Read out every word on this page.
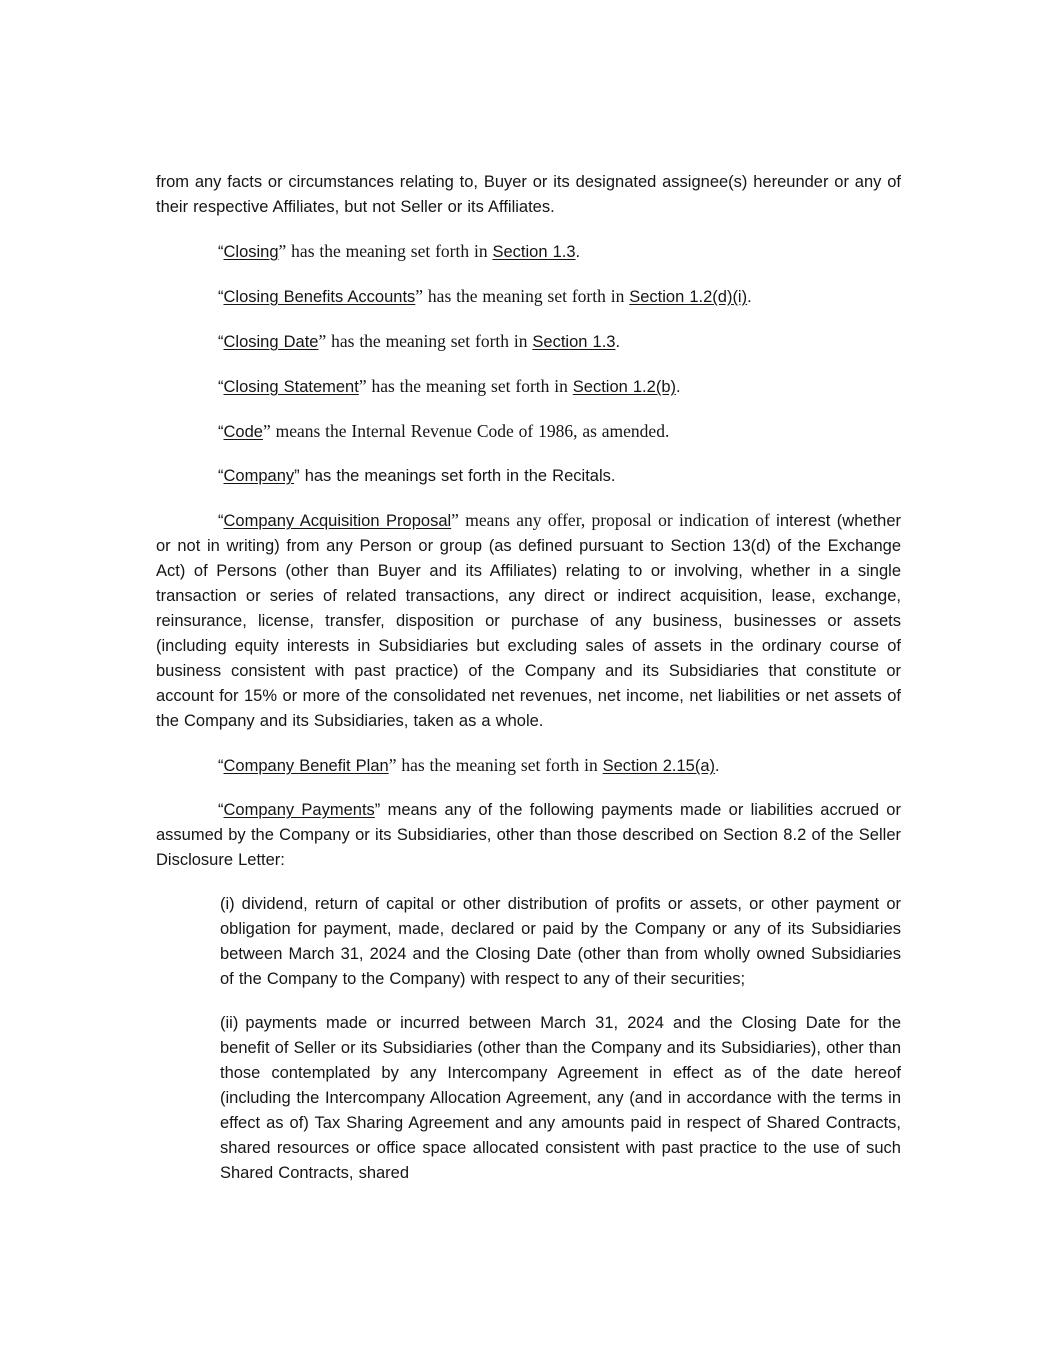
from any facts or circumstances relating to, Buyer or its designated assignee(s) hereunder or any of their respective Affiliates, but not Seller or its Affiliates.

“Closing” has the meaning set forth in Section 1.3.

“Closing Benefits Accounts” has the meaning set forth in Section 1.2(d)(i).

“Closing Date” has the meaning set forth in Section 1.3.

“Closing Statement” has the meaning set forth in Section 1.2(b).

“Code” means the Internal Revenue Code of 1986, as amended.

“Company” has the meanings set forth in the Recitals.

“Company Acquisition Proposal” means any offer, proposal or indication of interest (whether or not in writing) from any Person or group (as defined pursuant to Section 13(d) of the Exchange Act) of Persons (other than Buyer and its Affiliates) relating to or involving, whether in a single transaction or series of related transactions, any direct or indirect acquisition, lease, exchange, reinsurance, license, transfer, disposition or purchase of any business, businesses or assets (including equity interests in Subsidiaries but excluding sales of assets in the ordinary course of business consistent with past practice) of the Company and its Subsidiaries that constitute or account for 15% or more of the consolidated net revenues, net income, net liabilities or net assets of the Company and its Subsidiaries, taken as a whole.

“Company Benefit Plan” has the meaning set forth in Section 2.15(a).

“Company Payments” means any of the following payments made or liabilities accrued or assumed by the Company or its Subsidiaries, other than those described on Section 8.2 of the Seller Disclosure Letter:

(i) dividend, return of capital or other distribution of profits or assets, or other payment or obligation for payment, made, declared or paid by the Company or any of its Subsidiaries between March 31, 2024 and the Closing Date (other than from wholly owned Subsidiaries of the Company to the Company) with respect to any of their securities;

(ii) payments made or incurred between March 31, 2024 and the Closing Date for the benefit of Seller or its Subsidiaries (other than the Company and its Subsidiaries), other than those contemplated by any Intercompany Agreement in effect as of the date hereof (including the Intercompany Allocation Agreement, any (and in accordance with the terms in effect as of) Tax Sharing Agreement and any amounts paid in respect of Shared Contracts, shared resources or office space allocated consistent with past practice to the use of such Shared Contracts, shared
